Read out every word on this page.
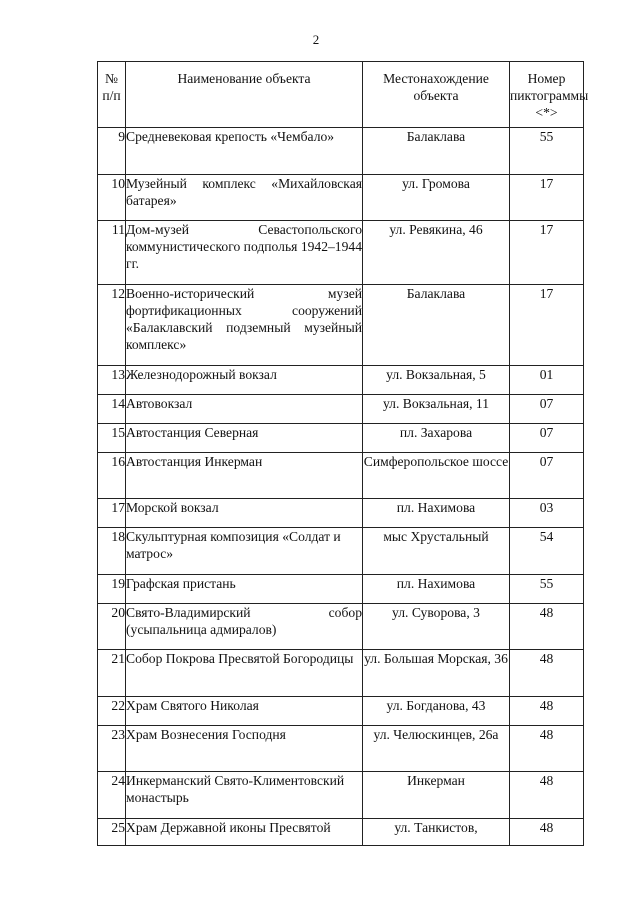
2
№ п/п	Наименование объекта	Местонахождение объекта	Номер пиктограммы <*>
9	Средневековая крепость «Чембало»	Балаклава	55
10	Музейный комплекс «Михайловская батарея»	ул. Громова	17
11	Дом-музей Севастопольского коммунистического подполья 1942–1944 гг.	ул. Ревякина, 46	17
12	Военно-исторический музей фортификационных сооружений «Балаклавский подземный музейный комплекс»	Балаклава	17
13	Железнодорожный вокзал	ул. Вокзальная, 5	01
14	Автовокзал	ул. Вокзальная, 11	07
15	Автостанция Северная	пл. Захарова	07
16	Автостанция Инкерман	Симферопольское шоссе	07
17	Морской вокзал	пл. Нахимова	03
18	Скульптурная композиция «Солдат и матрос»	мыс Хрустальный	54
19	Графская пристань	пл. Нахимова	55
20	Свято-Владимирский собор (усыпальница адмиралов)	ул. Суворова, 3	48
21	Собор Покрова Пресвятой Богородицы	ул. Большая Морская, 36	48
22	Храм Святого Николая	ул. Богданова, 43	48
23	Храм Вознесения Господня	ул. Челюскинцев, 26а	48
24	Инкерманский Свято-Климентовский монастырь	Инкерман	48
25	Храм Державной иконы Пресвятой	ул. Танкистов,	48
